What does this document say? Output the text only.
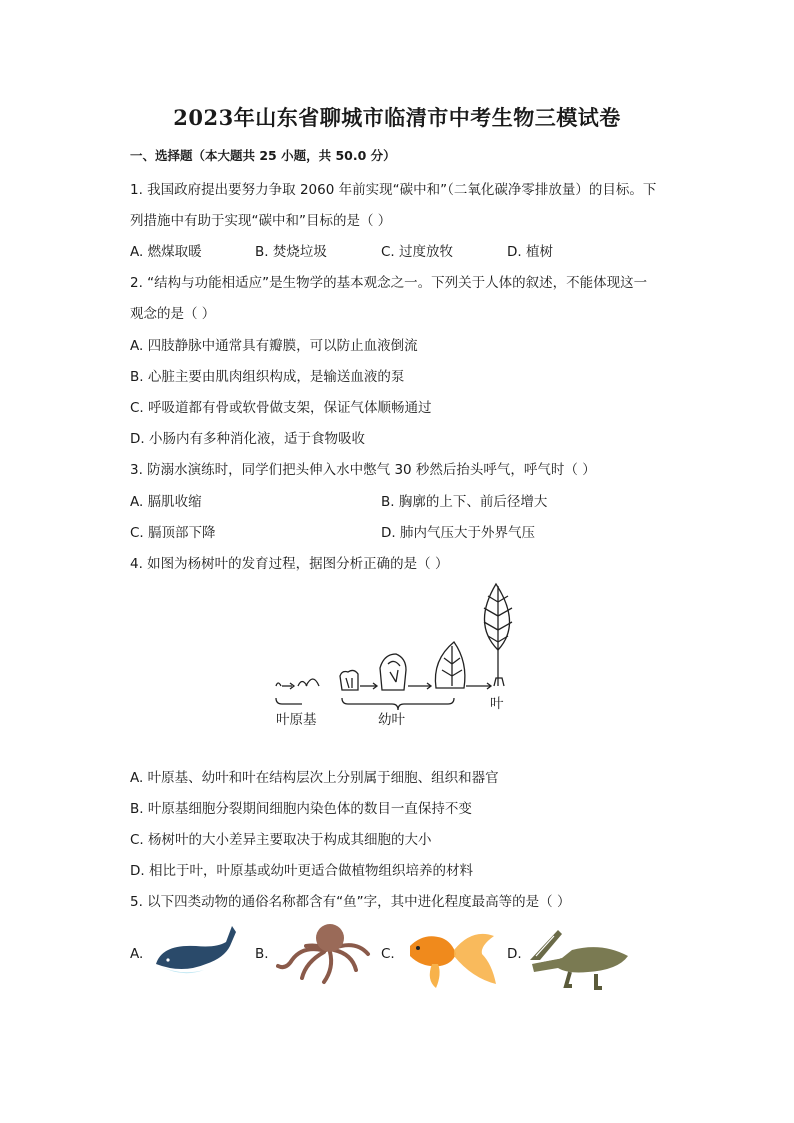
2023年山东省聊城市临清市中考生物三模试卷
一、选择题（本大题共 25 小题，共 50.0 分）
1. 我国政府提出要努力争取 2060 年前实现“碳中和”（二氧化碳净零排放量）的目标。下
列措施中有助于实现“碳中和”目标的是（ ）
A. 燃煤取暖	B. 焚烧垃圾	C. 过度放牧	D. 植树
2. “结构与功能相适应”是生物学的基本观念之一。下列关于人体的叙述，不能体现这一
观念的是（ ）
A. 四肢静脉中通常具有瓣膜，可以防止血液倒流
B. 心脏主要由肌肉组织构成，是输送血液的泵
C. 呼吸道都有骨或软骨做支架，保证气体顺畅通过
D. 小肠内有多种消化液，适于食物吸收
3. 防溺水演练时，同学们把头伸入水中憋气 30 秒然后抬头呼气，呼气时（ ）
A. 膈肌收缩	B. 胸廓的上下、前后径增大
C. 膈顶部下降	D. 肺内气压大于外界气压
4. 如图为杨树叶的发育过程，据图分析正确的是（ ）
叶原基	幼叶
叶
A. 叶原基、幼叶和叶在结构层次上分别属于细胞、组织和器官
B. 叶原基细胞分裂期间细胞内染色体的数目一直保持不变
C. 杨树叶的大小差异主要取决于构成其细胞的大小
D. 相比于叶，叶原基或幼叶更适合做植物组织培养的材料
5. 以下四类动物的通俗名称都含有“鱼”字，其中进化程度最高等的是（ ）
A.	B.	C.	D.
